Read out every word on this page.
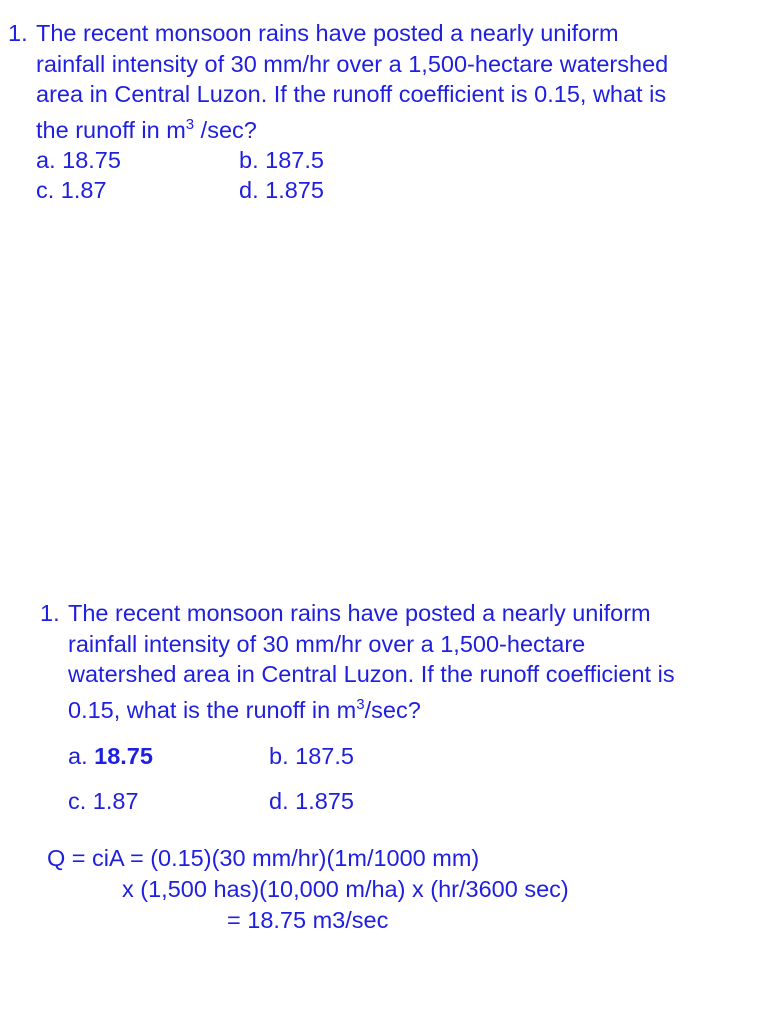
1. The recent monsoon rains have posted a nearly uniform
rainfall intensity of 30 mm/hr over a 1,500-hectare watershed
area in Central Luzon. If the runoff coefficient is 0.15, what is
the runoff in $m^3$ /sec?
a. 18.75	b. 187.5
c. 1.87	d. 1.875
1. The recent monsoon rains have posted a nearly uniform
rainfall intensity of 30 mm/hr over a 1,500-hectare
watershed area in Central Luzon. If the runoff coefficient is
0.15, what is the runoff in $m^3/\sec$?
a. 18.75	b. 187.5
c. 1.87	d. 1.875
Q = ciA = (0.15)(30 mm/hr)(1m/1000 mm)
x (1,500 has)(10,000 m/ha) x (hr/3600 sec)
= 18.75 m3/sec
